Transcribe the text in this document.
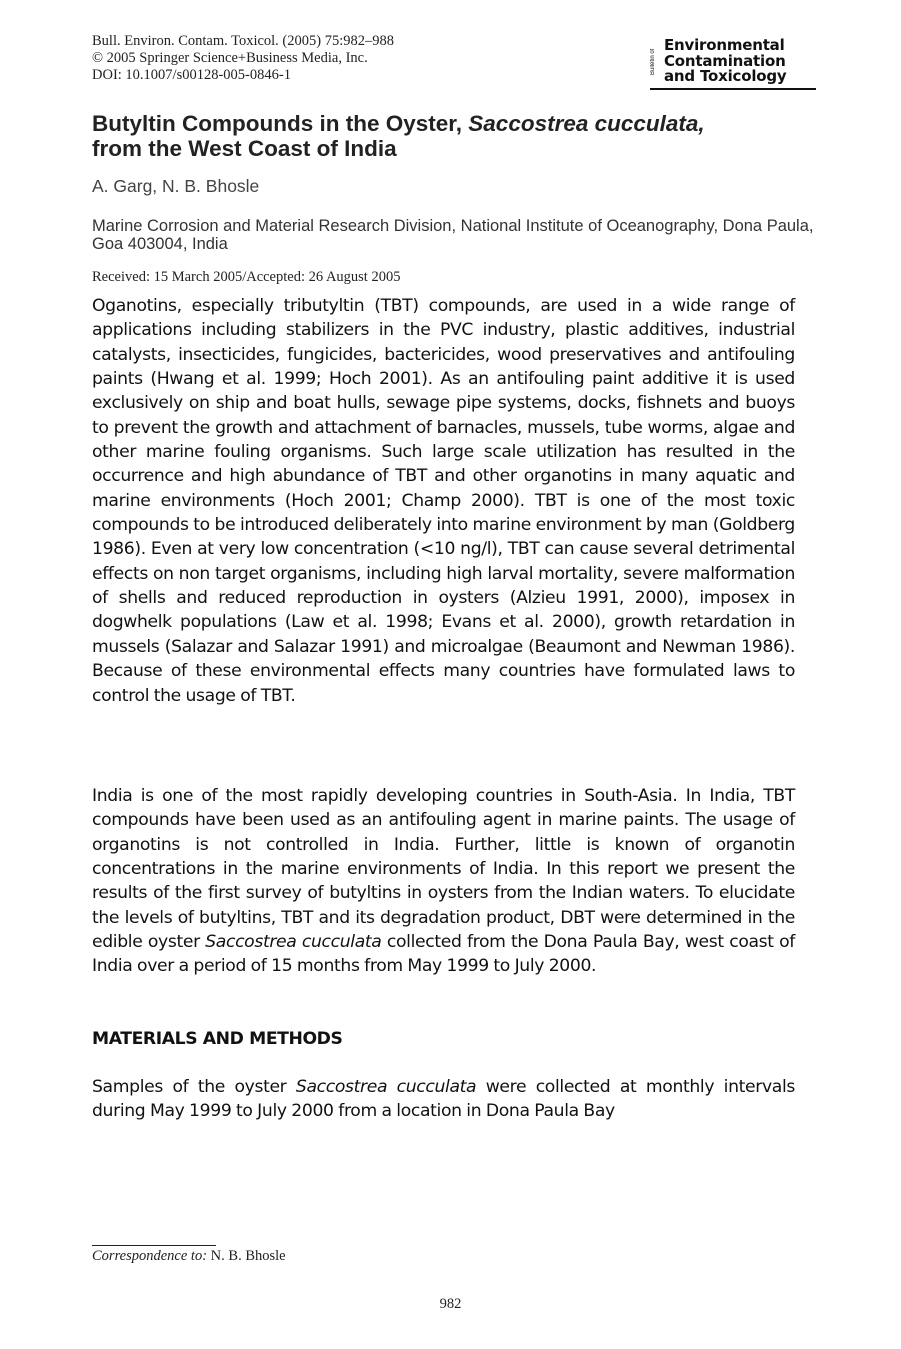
Bull. Environ. Contam. Toxicol. (2005) 75:982–988
© 2005 Springer Science+Business Media, Inc.
DOI: 10.1007/s00128-005-0846-1	Bulletin of
Environmental
Contamination
and Toxicology
Butyltin Compounds in the Oyster, Saccostrea cucculata,
from the West Coast of India
A. Garg, N. B. Bhosle
Marine Corrosion and Material Research Division, National Institute of Oceanography, Dona Paula, Goa 403004, India
Received: 15 March 2005/Accepted: 26 August 2005

Oganotins, especially tributyltin (TBT) compounds, are used in a wide range of applications including stabilizers in the PVC industry, plastic additives, industrial catalysts, insecticides, fungicides, bactericides, wood preservatives and antifouling paints (Hwang et al. 1999; Hoch 2001). As an antifouling paint additive it is used exclusively on ship and boat hulls, sewage pipe systems, docks, fishnets and buoys to prevent the growth and attachment of barnacles, mussels, tube worms, algae and other marine fouling organisms. Such large scale utilization has resulted in the occurrence and high abundance of TBT and other organotins in many aquatic and marine environments (Hoch 2001; Champ 2000). TBT is one of the most toxic compounds to be introduced deliberately into marine environment by man (Goldberg 1986). Even at very low concentration (<10 ng/l), TBT can cause several detrimental effects on non target organisms, including high larval mortality, severe malformation of shells and reduced reproduction in oysters (Alzieu 1991, 2000), imposex in dogwhelk populations (Law et al. 1998; Evans et al. 2000), growth retardation in mussels (Salazar and Salazar 1991) and microalgae (Beaumont and Newman 1986). Because of these environmental effects many countries have formulated laws to control the usage of TBT.

India is one of the most rapidly developing countries in South-Asia. In India, TBT compounds have been used as an antifouling agent in marine paints. The usage of organotins is not controlled in India. Further, little is known of organotin concentrations in the marine environments of India. In this report we present the results of the first survey of butyltins in oysters from the Indian waters. To elucidate the levels of butyltins, TBT and its degradation product, DBT were determined in the edible oyster Saccostrea cucculata collected from the Dona Paula Bay, west coast of India over a period of 15 months from May 1999 to July 2000.

MATERIALS AND METHODS

Samples of the oyster Saccostrea cucculata were collected at monthly intervals during May 1999 to July 2000 from a location in Dona Paula Bay

Correspondence to: N. B. Bhosle
982
